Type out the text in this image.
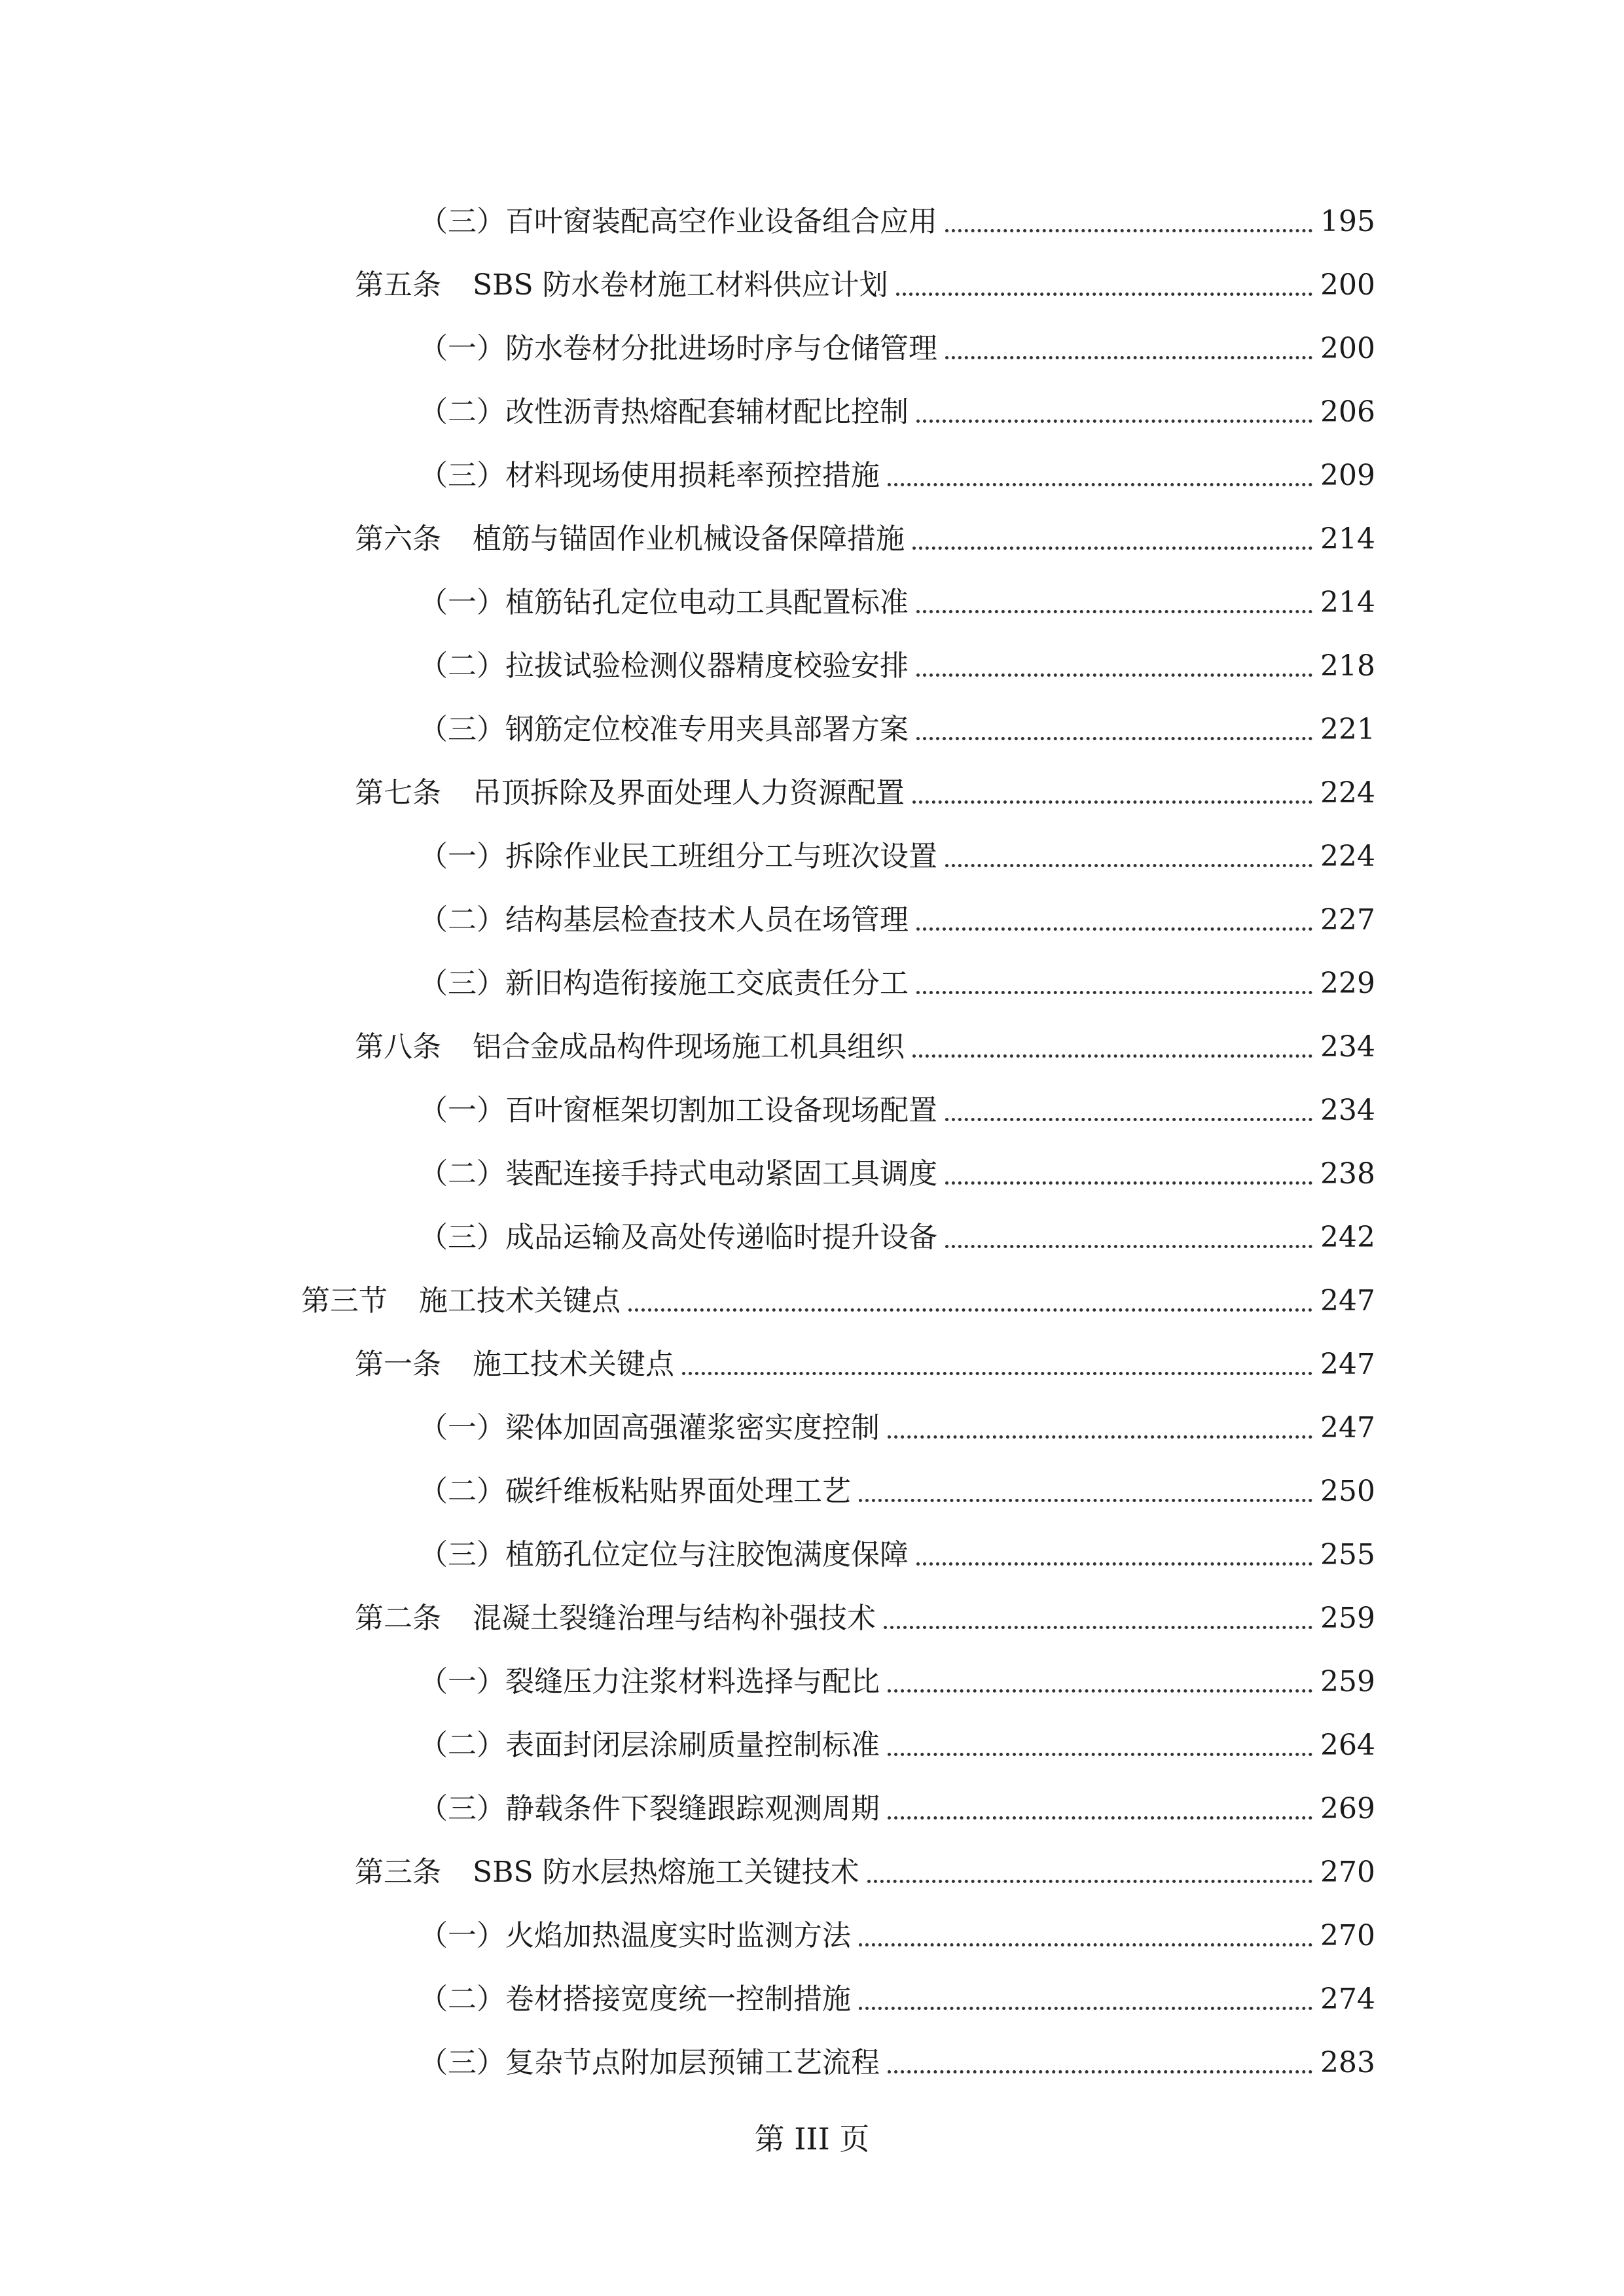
（三）百叶窗装配高空作业设备组合应用	195
第五条 SBS 防水卷材施工材料供应计划	200
（一）防水卷材分批进场时序与仓储管理	200
（二）改性沥青热熔配套辅材配比控制	206
（三）材料现场使用损耗率预控措施	209
第六条 植筋与锚固作业机械设备保障措施	214
（一）植筋钻孔定位电动工具配置标准	214
（二）拉拔试验检测仪器精度校验安排	218
（三）钢筋定位校准专用夹具部署方案	221
第七条 吊顶拆除及界面处理人力资源配置	224
（一）拆除作业民工班组分工与班次设置	224
（二）结构基层检查技术人员在场管理	227
（三）新旧构造衔接施工交底责任分工	229
第八条 铝合金成品构件现场施工机具组织	234
（一）百叶窗框架切割加工设备现场配置	234
（二）装配连接手持式电动紧固工具调度	238
（三）成品运输及高处传递临时提升设备	242
第三节 施工技术关键点	247
第一条 施工技术关键点	247
（一）梁体加固高强灌浆密实度控制	247
（二）碳纤维板粘贴界面处理工艺	250
（三）植筋孔位定位与注胶饱满度保障	255
第二条 混凝土裂缝治理与结构补强技术	259
（一）裂缝压力注浆材料选择与配比	259
（二）表面封闭层涂刷质量控制标准	264
（三）静载条件下裂缝跟踪观测周期	269
第三条 SBS 防水层热熔施工关键技术	270
（一）火焰加热温度实时监测方法	270
（二）卷材搭接宽度统一控制措施	274
（三）复杂节点附加层预铺工艺流程	283
第 III 页
